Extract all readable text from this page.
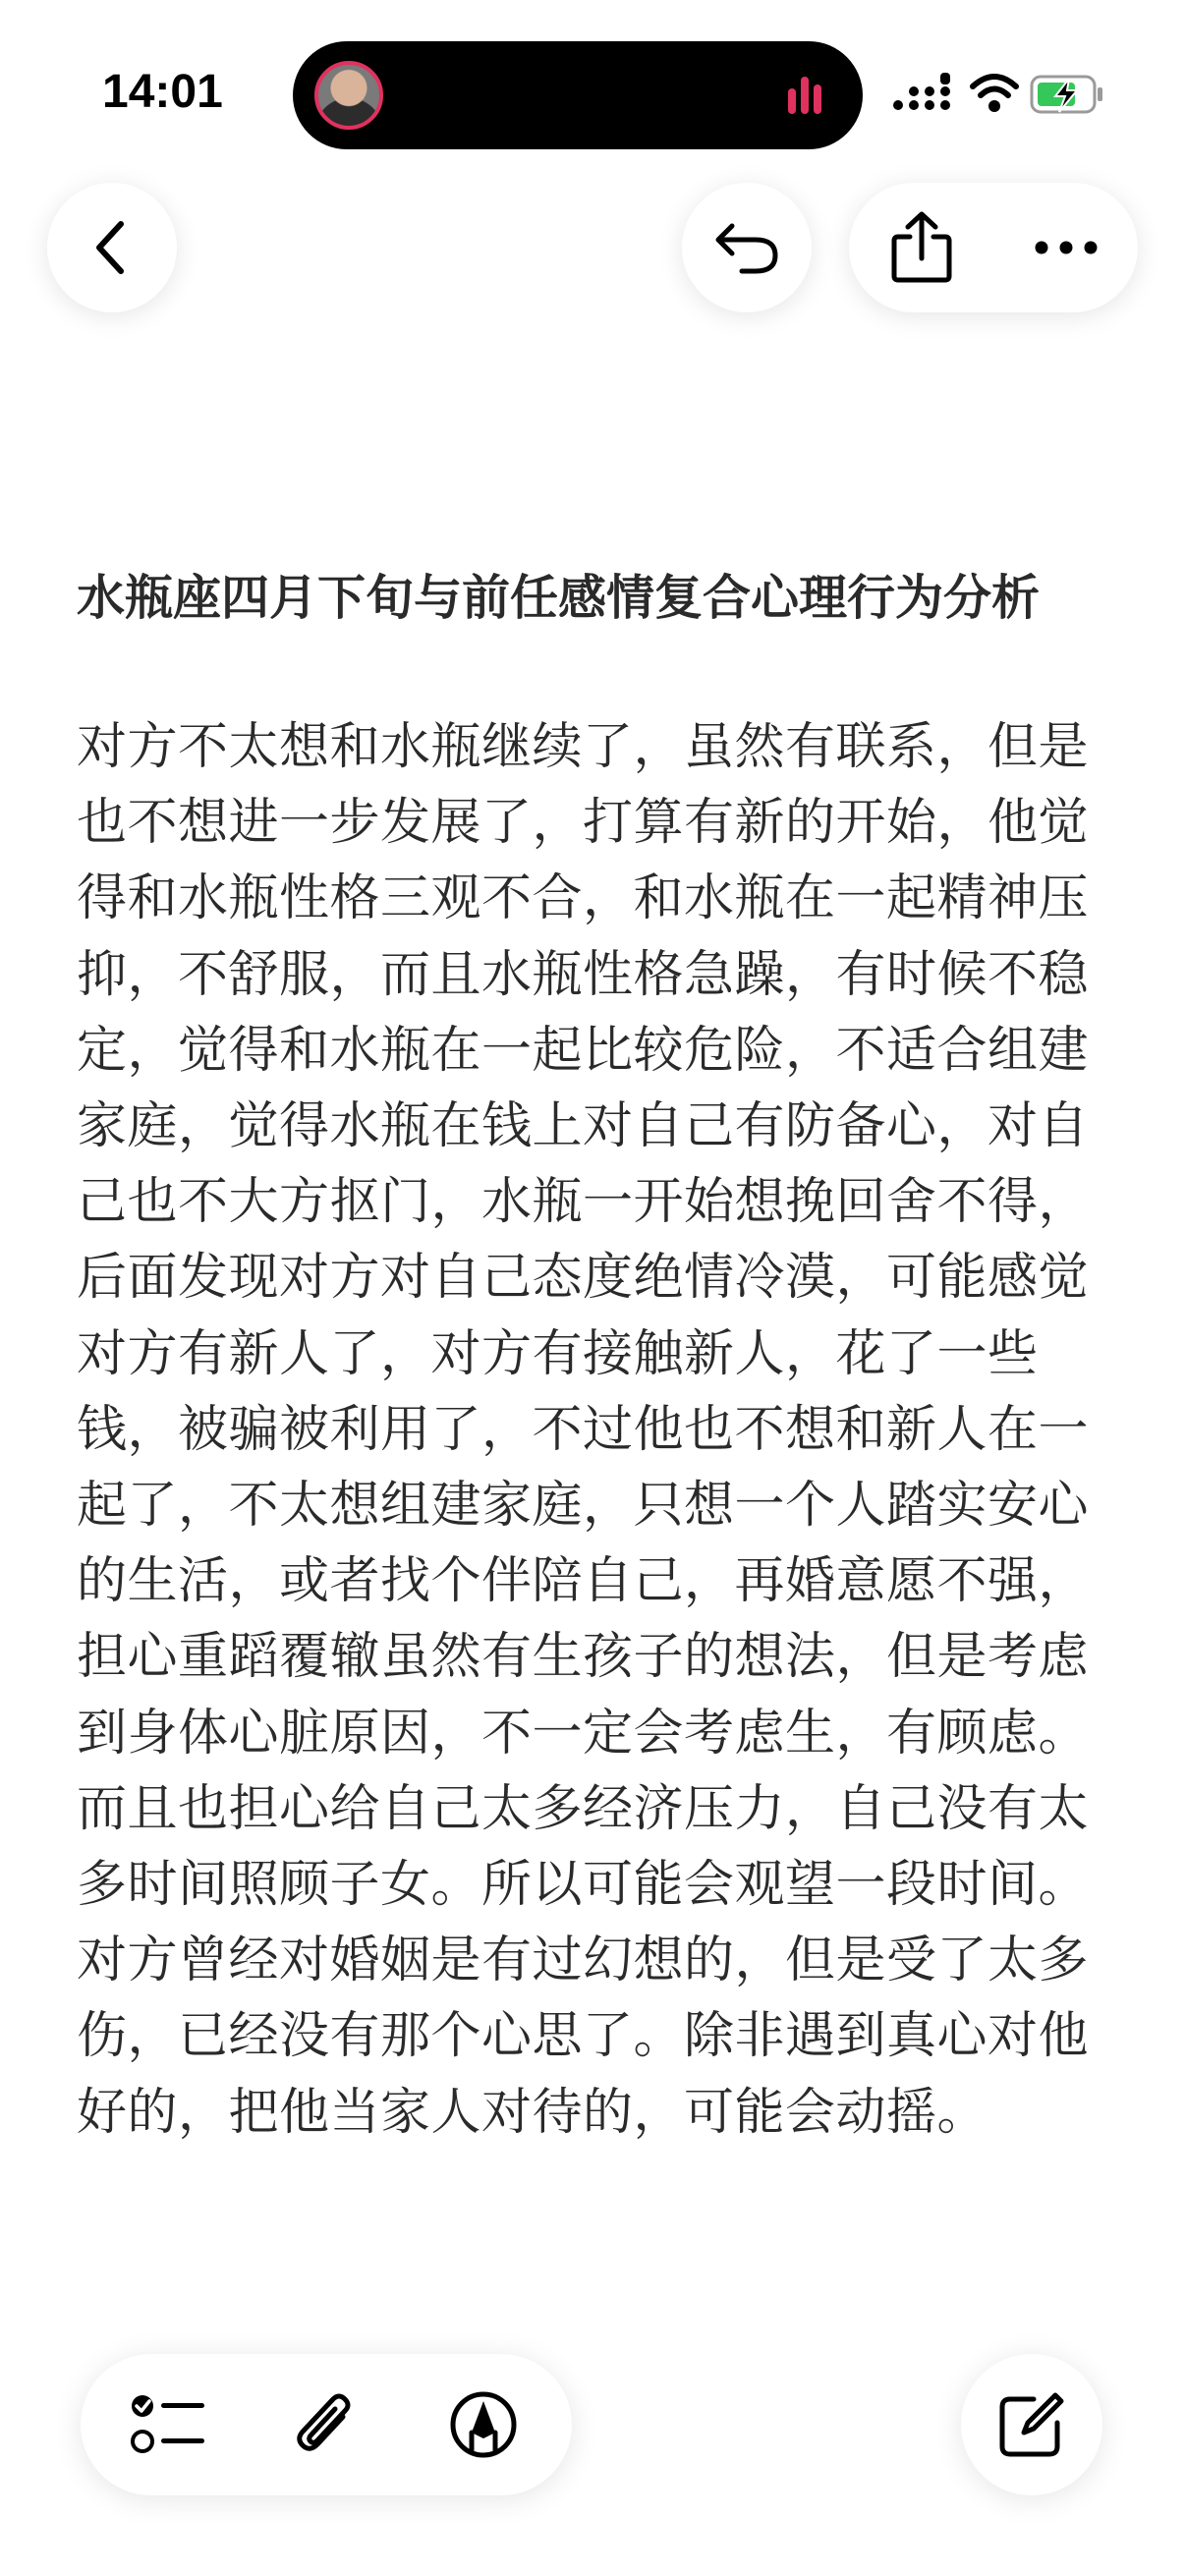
14:01
水瓶座四月下旬与前任感情复合心理行为分析
对方不太想和水瓶继续了，虽然有联系，但是
也不想进一步发展了，打算有新的开始，他觉
得和水瓶性格三观不合，和水瓶在一起精神压
抑，不舒服，而且水瓶性格急躁，有时候不稳
定，觉得和水瓶在一起比较危险，不适合组建
家庭，觉得水瓶在钱上对自己有防备心，对自
己也不大方抠门，水瓶一开始想挽回舍不得，
后面发现对方对自己态度绝情冷漠，可能感觉
对方有新人了，对方有接触新人，花了一些
钱，被骗被利用了，不过他也不想和新人在一
起了，不太想组建家庭，只想一个人踏实安心
的生活，或者找个伴陪自己，再婚意愿不强，
担心重蹈覆辙虽然有生孩子的想法，但是考虑
到身体心脏原因，不一定会考虑生，有顾虑。
而且也担心给自己太多经济压力，自己没有太
多时间照顾子女。所以可能会观望一段时间。
对方曾经对婚姻是有过幻想的，但是受了太多
伤，已经没有那个心思了。除非遇到真心对他
好的，把他当家人对待的，可能会动摇。
